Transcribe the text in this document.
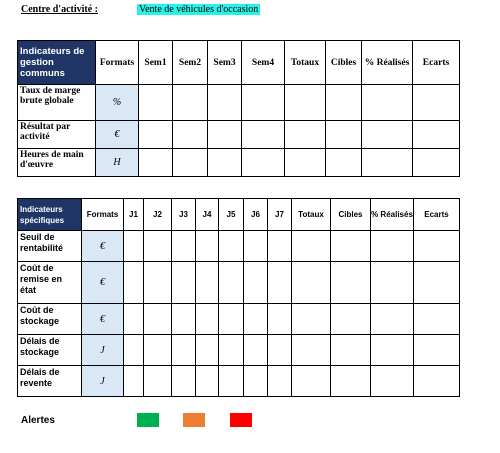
Centre d'activité :	Vente de véhicules d'occasion
Indicateurs de gestion communs	Formats	Sem1	Sem2	Sem3	Sem4	Totaux	Cibles	% Réalisés	Ecarts
Taux de marge brute globale	%								
Résultat par activité	€								
Heures de main d'œuvre	H								
Indicateurs spécifiques	Formats	J1	J2	J3	J4	J5	J6	J7	Totaux	Cibles	% Réalisés	Ecarts
Seuil de rentabilité	€											
Coût de remise en état	€											
Coût de stockage	€											
Délais de stockage	J											
Délais de revente	J											
Alertes
